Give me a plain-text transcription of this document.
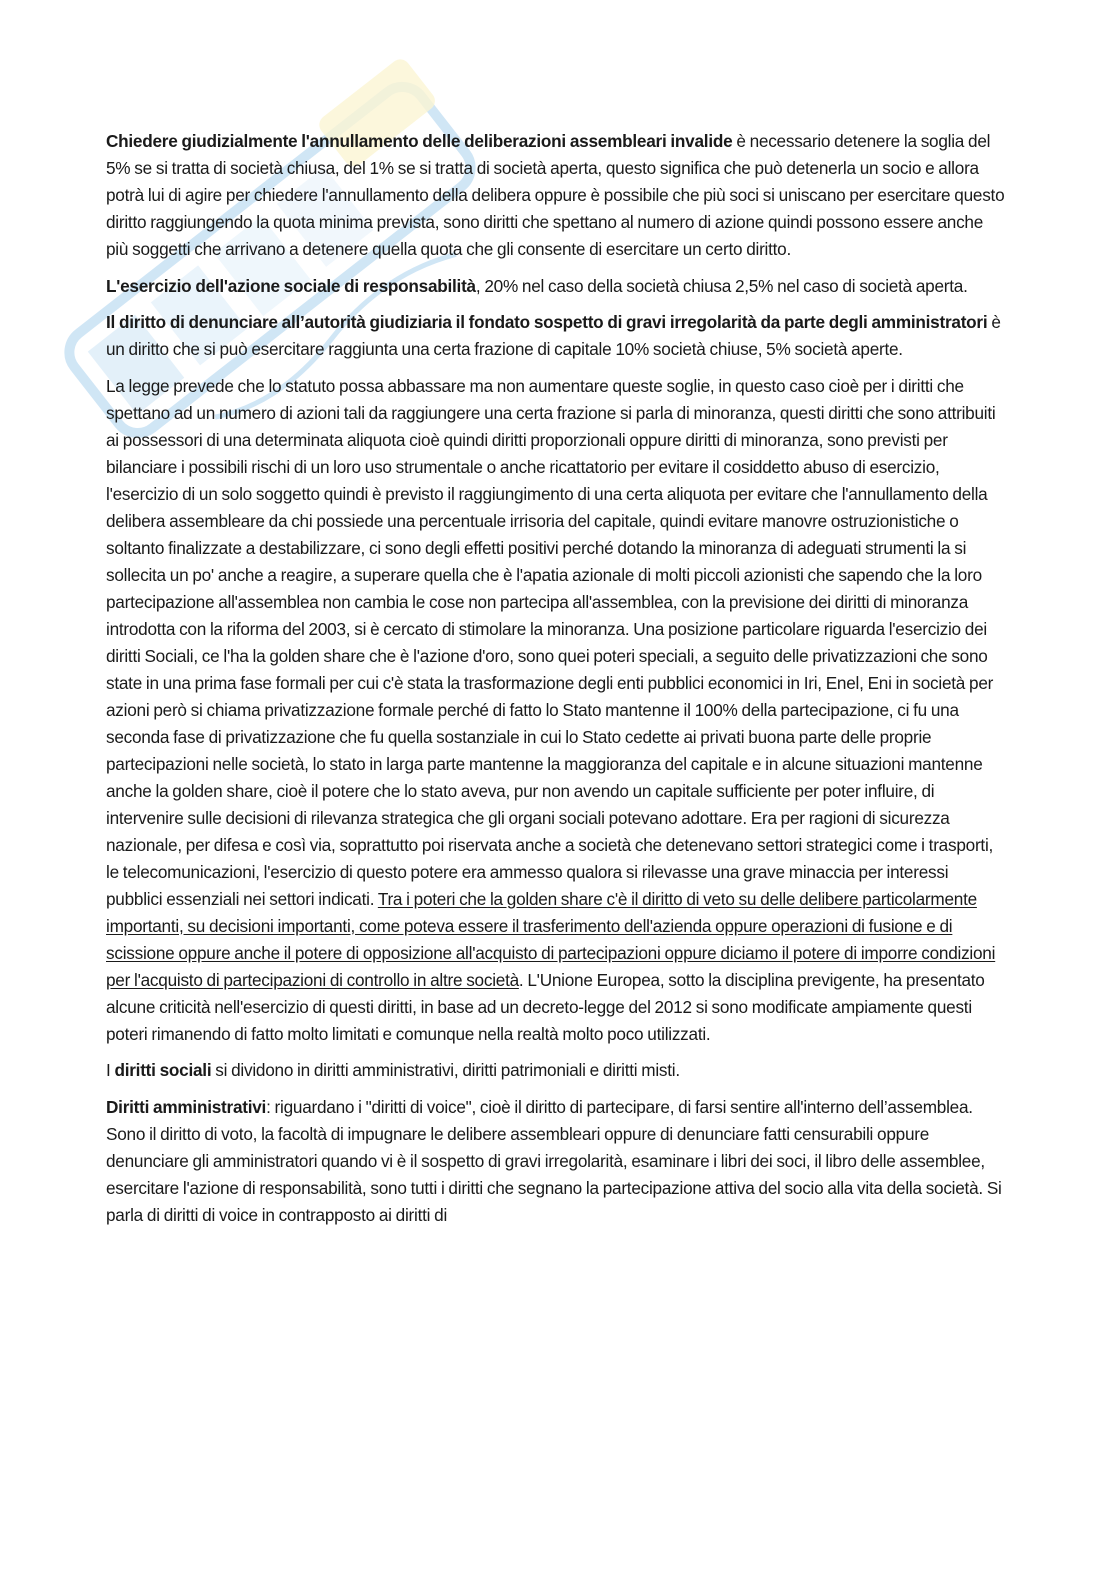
Chiedere giudizialmente l'annullamento delle deliberazioni assembleari invalide è necessario detenere la soglia del 5% se si tratta di società chiusa, del 1% se si tratta di società aperta, questo significa che può detenerla un socio e allora potrà lui di agire per chiedere l'annullamento della delibera oppure è possibile che più soci si uniscano per esercitare questo diritto raggiungendo la quota minima prevista, sono diritti che spettano al numero di azione quindi possono essere anche più soggetti che arrivano a detenere quella quota che gli consente di esercitare un certo diritto.

L'esercizio dell'azione sociale di responsabilità, 20% nel caso della società chiusa 2,5% nel caso di società aperta.

Il diritto di denunciare all’autorità giudiziaria il fondato sospetto di gravi irregolarità da parte degli amministratori è un diritto che si può esercitare raggiunta una certa frazione di capitale 10% società chiuse, 5% società aperte.

La legge prevede che lo statuto possa abbassare ma non aumentare queste soglie, in questo caso cioè per i diritti che spettano ad un numero di azioni tali da raggiungere una certa frazione si parla di minoranza, questi diritti che sono attribuiti ai possessori di una determinata aliquota cioè quindi diritti proporzionali oppure diritti di minoranza, sono previsti per bilanciare i possibili rischi di un loro uso strumentale o anche ricattatorio per evitare il cosiddetto abuso di esercizio, l'esercizio di un solo soggetto quindi è previsto il raggiungimento di una certa aliquota per evitare che l'annullamento della delibera assembleare da chi possiede una percentuale irrisoria del capitale, quindi evitare manovre ostruzionistiche o soltanto finalizzate a destabilizzare, ci sono degli effetti positivi perché dotando la minoranza di adeguati strumenti la si sollecita un po' anche a reagire, a superare quella che è l'apatia azionale di molti piccoli azionisti che sapendo che la loro partecipazione all'assemblea non cambia le cose non partecipa all'assemblea, con la previsione dei diritti di minoranza introdotta con la riforma del 2003, si è cercato di stimolare la minoranza. Una posizione particolare riguarda l'esercizio dei diritti Sociali, ce l'ha la golden share che è l'azione d'oro, sono quei poteri speciali, a seguito delle privatizzazioni che sono state in una prima fase formali per cui c'è stata la trasformazione degli enti pubblici economici in Iri, Enel, Eni in società per azioni però si chiama privatizzazione formale perché di fatto lo Stato mantenne il 100% della partecipazione, ci fu una seconda fase di privatizzazione che fu quella sostanziale in cui lo Stato cedette ai privati buona parte delle proprie partecipazioni nelle società, lo stato in larga parte mantenne la maggioranza del capitale e in alcune situazioni mantenne anche la golden share, cioè il potere che lo stato aveva, pur non avendo un capitale sufficiente per poter influire, di intervenire sulle decisioni di rilevanza strategica che gli organi sociali potevano adottare. Era per ragioni di sicurezza nazionale, per difesa e così via, soprattutto poi riservata anche a società che detenevano settori strategici come i trasporti, le telecomunicazioni, l'esercizio di questo potere era ammesso qualora si rilevasse una grave minaccia per interessi pubblici essenziali nei settori indicati. Tra i poteri che la golden share c'è il diritto di veto su delle delibere particolarmente importanti, su decisioni importanti, come poteva essere il trasferimento dell'azienda oppure operazioni di fusione e di scissione oppure anche il potere di opposizione all'acquisto di partecipazioni oppure diciamo il potere di imporre condizioni per l'acquisto di partecipazioni di controllo in altre società. L'Unione Europea, sotto la disciplina previgente, ha presentato alcune criticità nell'esercizio di questi diritti, in base ad un decreto-legge del 2012 si sono modificate ampiamente questi poteri rimanendo di fatto molto limitati e comunque nella realtà molto poco utilizzati.

I diritti sociali si dividono in diritti amministrativi, diritti patrimoniali e diritti misti.

Diritti amministrativi: riguardano i "diritti di voice", cioè il diritto di partecipare, di farsi sentire all'interno dell’assemblea. Sono il diritto di voto, la facoltà di impugnare le delibere assembleari oppure di denunciare fatti censurabili oppure denunciare gli amministratori quando vi è il sospetto di gravi irregolarità, esaminare i libri dei soci, il libro delle assemblee, esercitare l'azione di responsabilità, sono tutti i diritti che segnano la partecipazione attiva del socio alla vita della società. Si parla di diritti di voice in contrapposto ai diritti di
